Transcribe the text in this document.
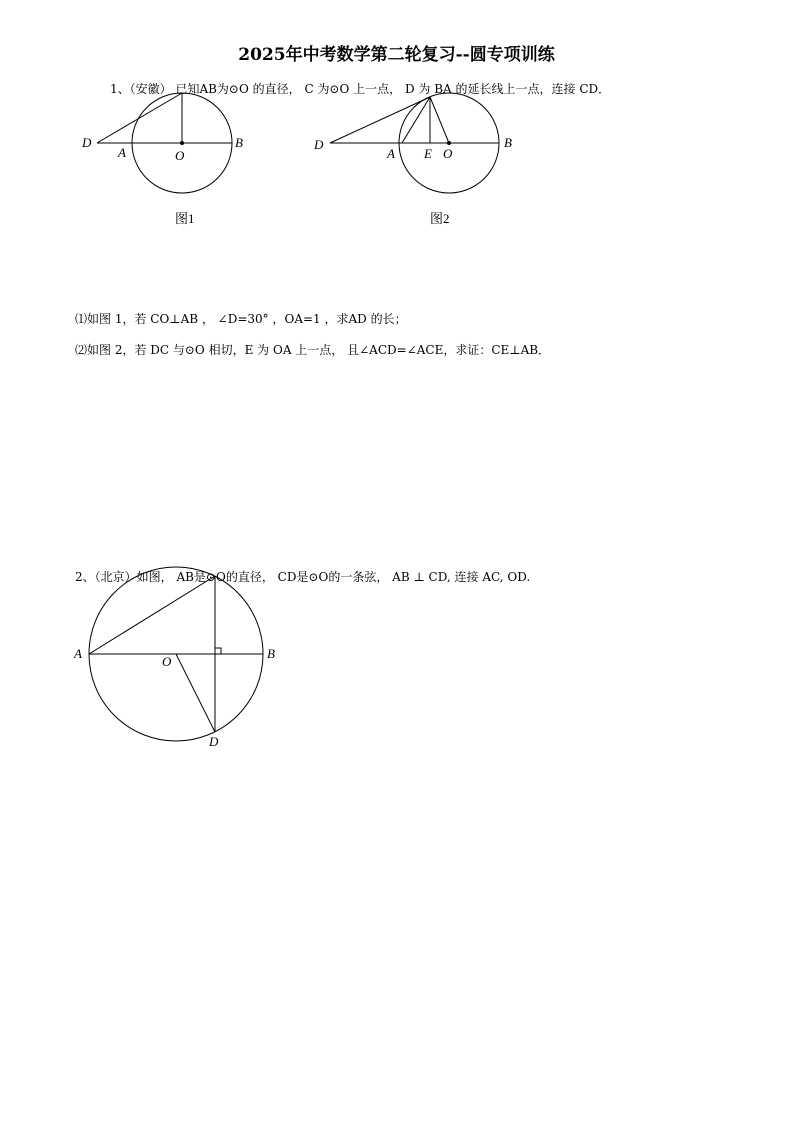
2025年中考数学第二轮复习--圆专项训练
1、（安徽） 已知AB为⊙O 的直径， C 为⊙O 上一点， D 为 BA 的延长线上一点，连接 CD．
D
A	O
B
图1
D
A E O
B
图2
⑴如图 1，若 CO⊥AB ， ∠D=30° ，OA=1 ，求AD 的长；
⑵如图 2，若 DC 与⊙O 相切，E 为 OA 上一点， 且∠ACD=∠ACE，求证：CE⊥AB．
2、（北京）如图， AB是⊙O的直径， CD是⊙O的一条弦， AB ⊥ CD, 连接 AC, OD.
A
O
B
D
